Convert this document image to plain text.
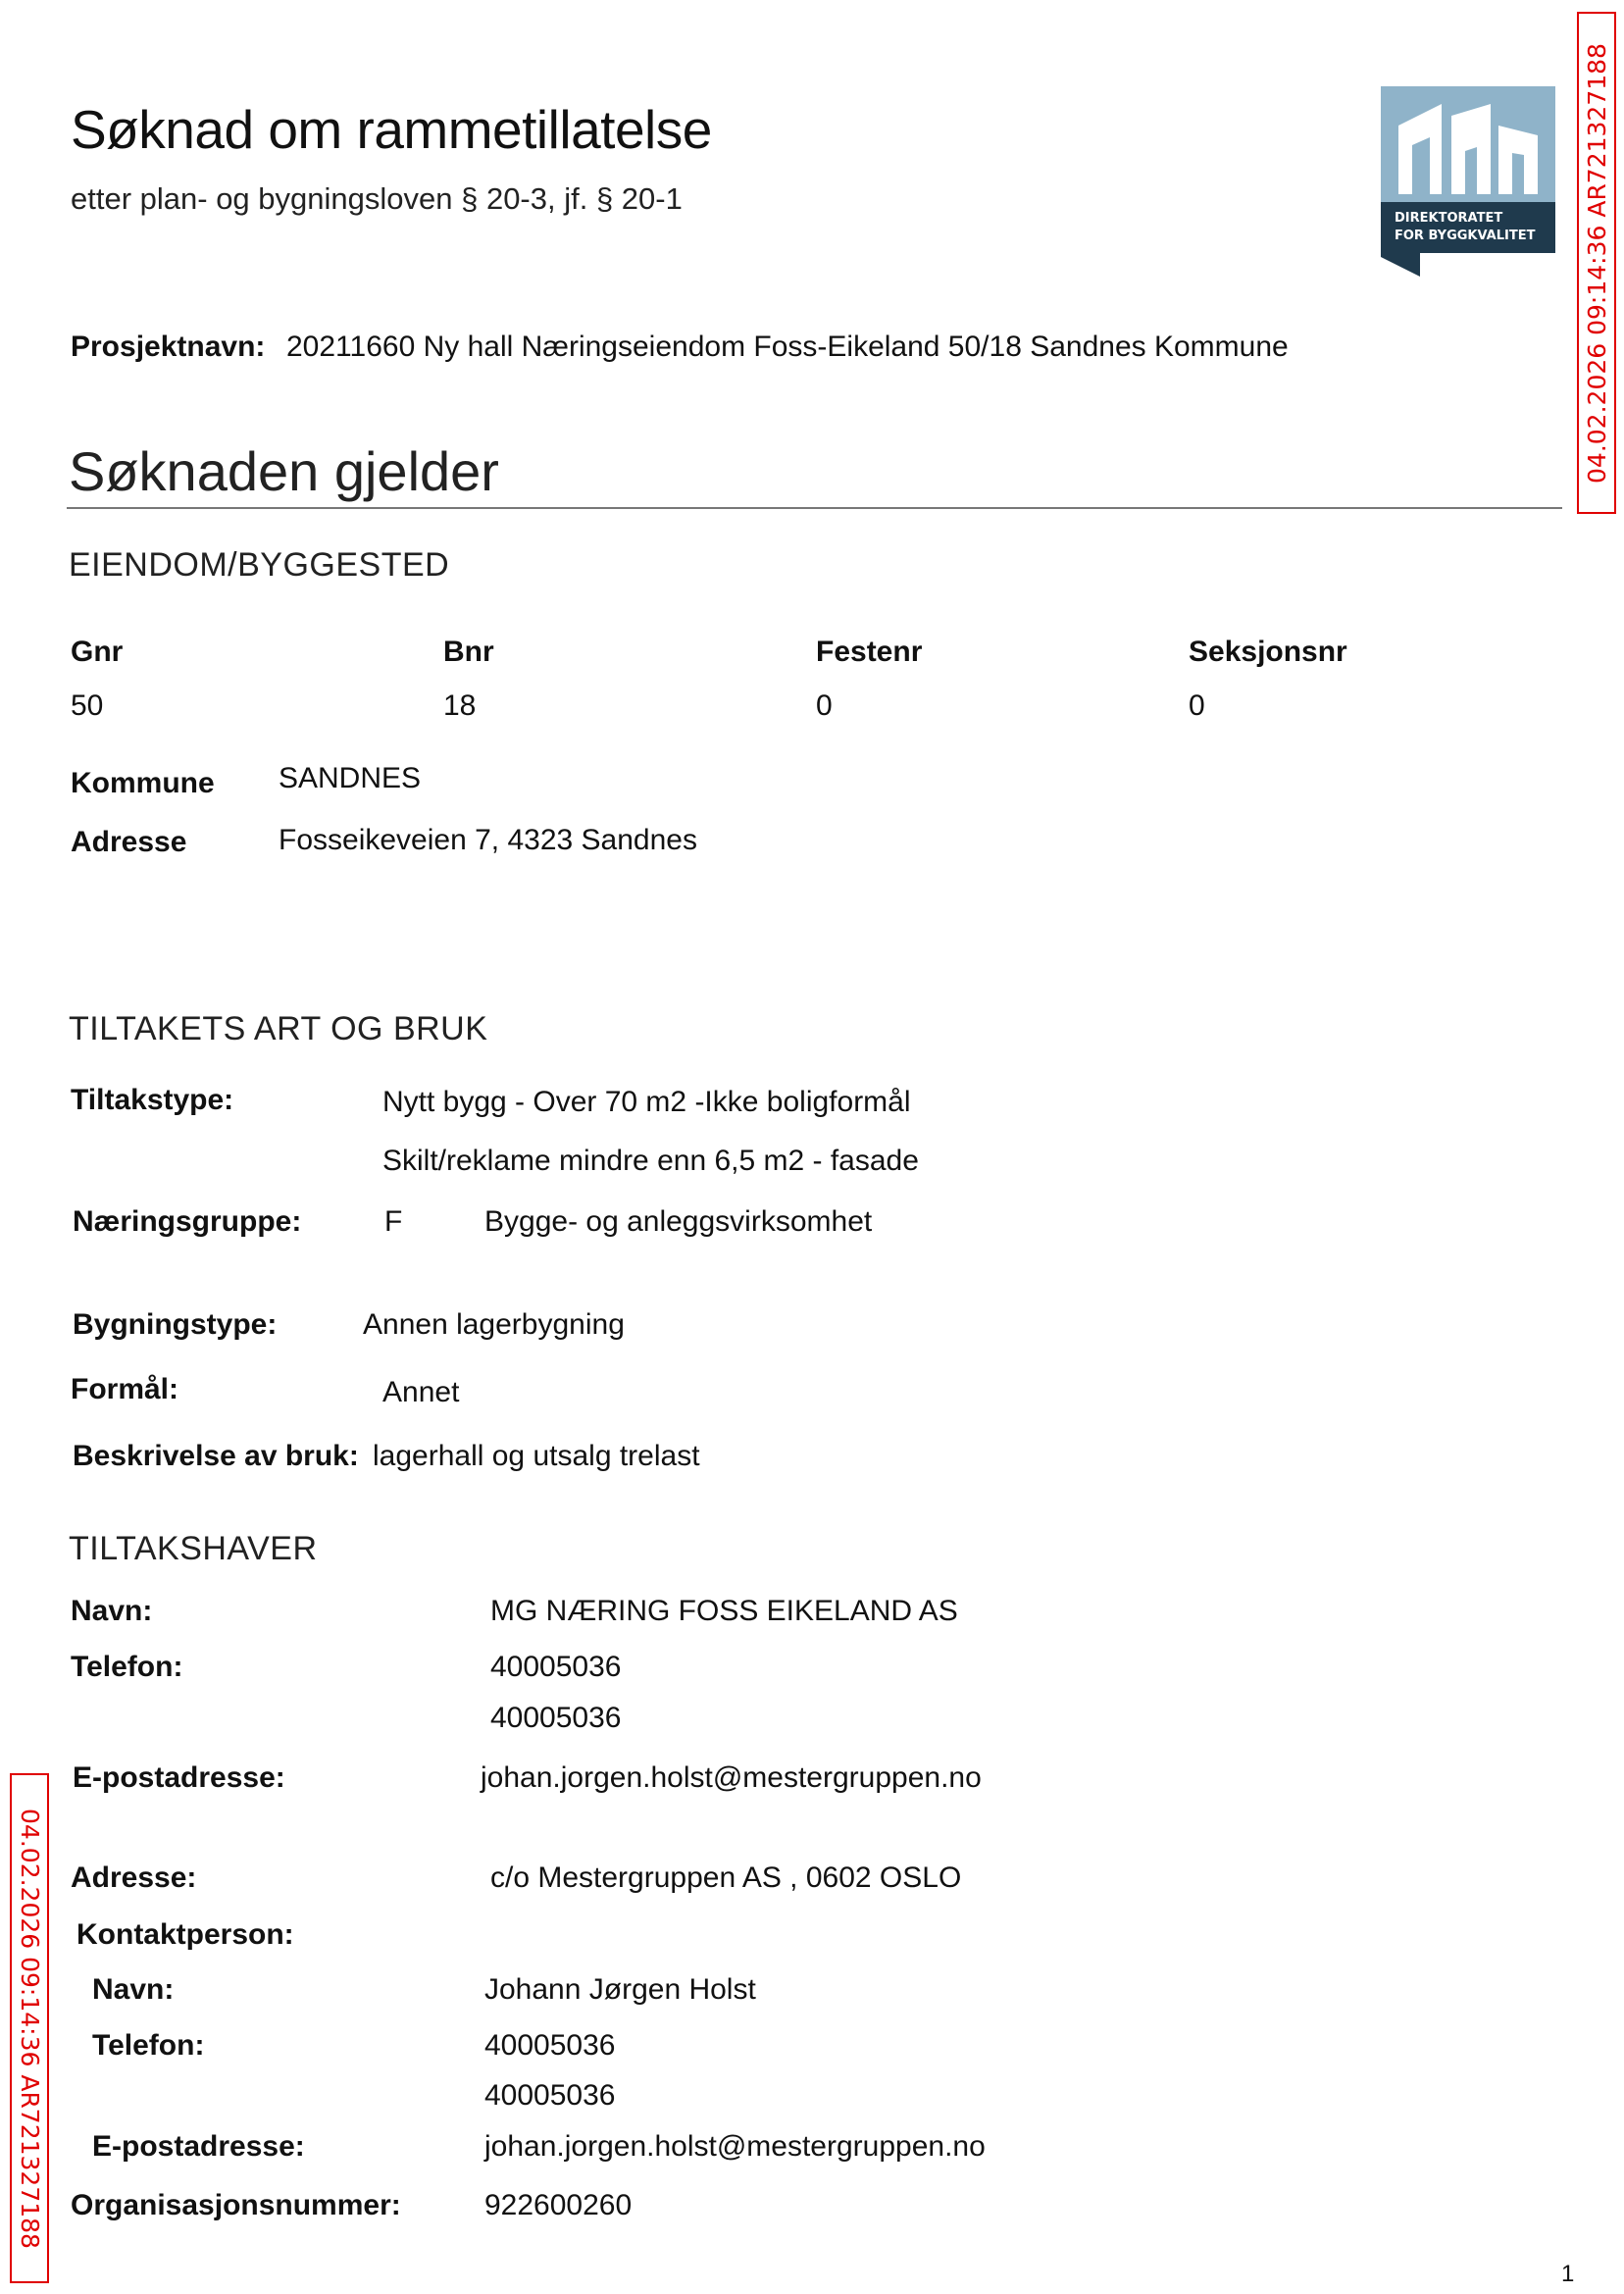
Søknad om rammetillatelse
etter plan- og bygningsloven § 20-3, jf. § 20-1
DIREKTORATET
FOR BYGGKVALITET 04.02.2026 09:14:36 AR721327188
04.02.2026 09:14:36 AR721327188
Prosjektnavn: 20211660 Ny hall Næringseiendom Foss-Eikeland 50/18 Sandnes Kommune
Søknaden gjelder
EIENDOM/BYGGESTED
Gnr	Bnr	Festenr	Seksjonsnr
50	18	0	0
Kommune SANDNES
Adresse	Fosseikeveien 7, 4323 Sandnes
TILTAKETS ART OG BRUK
Tiltakstype:	Nytt bygg - Over 70 m2 -Ikke boligformål
Skilt/reklame mindre enn 6,5 m2 - fasade
Næringsgruppe:	F	Bygge- og anleggsvirksomhet
Bygningstype:	Annen lagerbygning
Formål:	Annet
Beskrivelse av bruk: lagerhall og utsalg trelast
TILTAKSHAVER
Navn:	MG NÆRING FOSS EIKELAND AS
Telefon:	40005036
40005036
E-postadresse:	johan.jorgen.holst@mestergruppen.no
Adresse:	c/o Mestergruppen AS , 0602 OSLO
Kontaktperson:
Navn:	Johann Jørgen Holst
Telefon:	40005036
40005036
E-postadresse:	johan.jorgen.holst@mestergruppen.no
Organisasjonsnummer:	922600260
1
